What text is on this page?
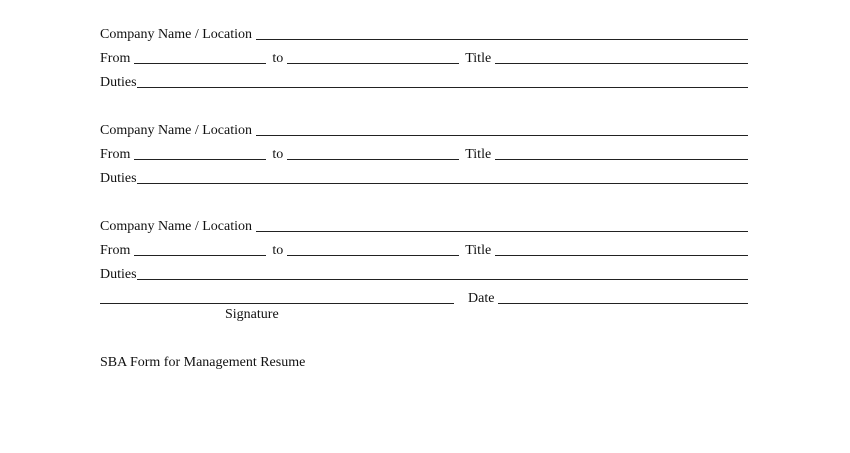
Company Name / Location
From	to	Title
Duties
Company Name / Location
From	to	Title
Duties
Company Name / Location
From	to	Title
Duties
Date
Signature
SBA Form for Management Resume
